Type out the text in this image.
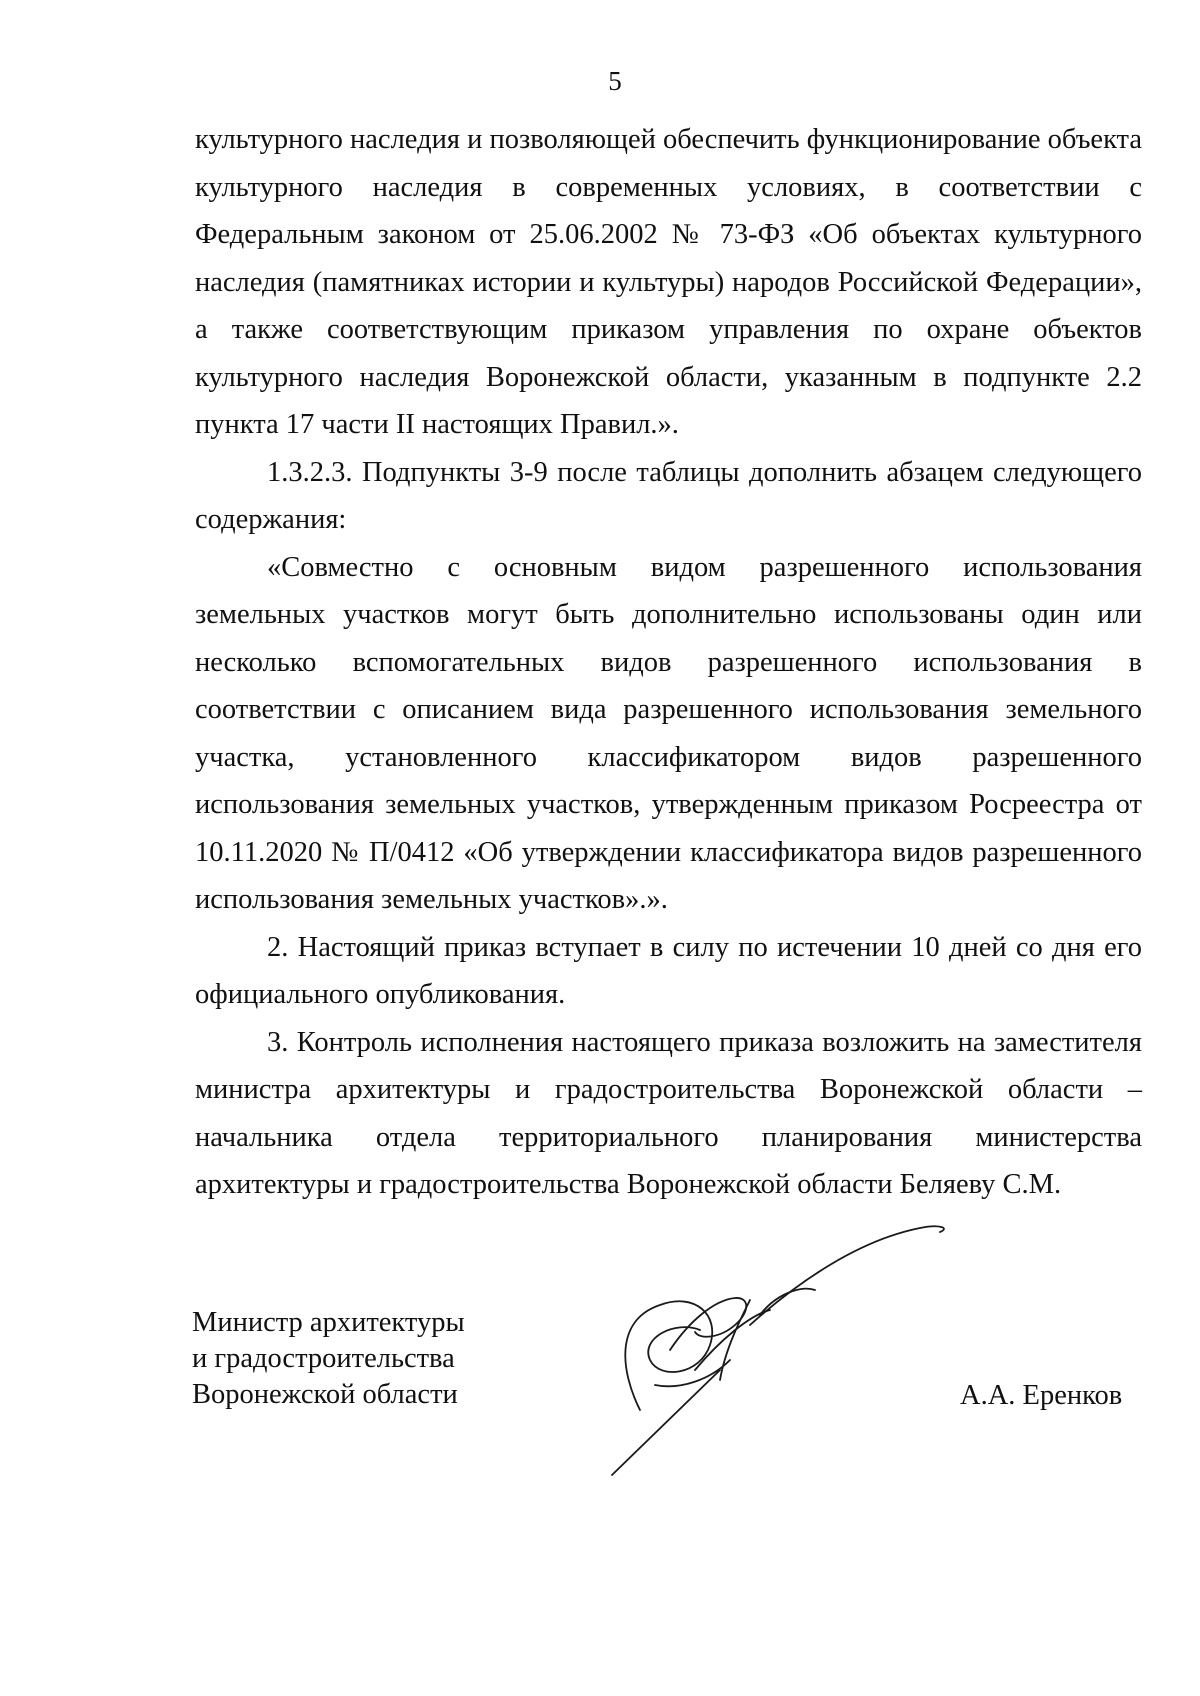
5

культурного наследия и позволяющей обеспечить функционирование объекта культурного наследия в современных условиях, в соответствии с Федеральным законом от 25.06.2002 № 73-ФЗ «Об объектах культурного наследия (памятниках истории и культуры) народов Российской Федерации», а также соответствующим приказом управления по охране объектов культурного наследия Воронежской области, указанным в подпункте 2.2 пункта 17 части II настоящих Правил.».

1.3.2.3. Подпункты 3-9 после таблицы дополнить абзацем следующего содержания:

«Совместно с основным видом разрешенного использования земельных участков могут быть дополнительно использованы один или несколько вспомогательных видов разрешенного использования в соответствии с описанием вида разрешенного использования земельного участка, установленного классификатором видов разрешенного использования земельных участков, утвержденным приказом Росреестра от 10.11.2020 № П/0412 «Об утверждении классификатора видов разрешенного использования земельных участков».».

2. Настоящий приказ вступает в силу по истечении 10 дней со дня его официального опубликования.

3. Контроль исполнения настоящего приказа возложить на заместителя министра архитектуры и градостроительства Воронежской области – начальника отдела территориального планирования министерства архитектуры и градостроительства Воронежской области Беляеву С.М.

Министр архитектуры
и градостроительства
Воронежской области	А.А. Еренков
